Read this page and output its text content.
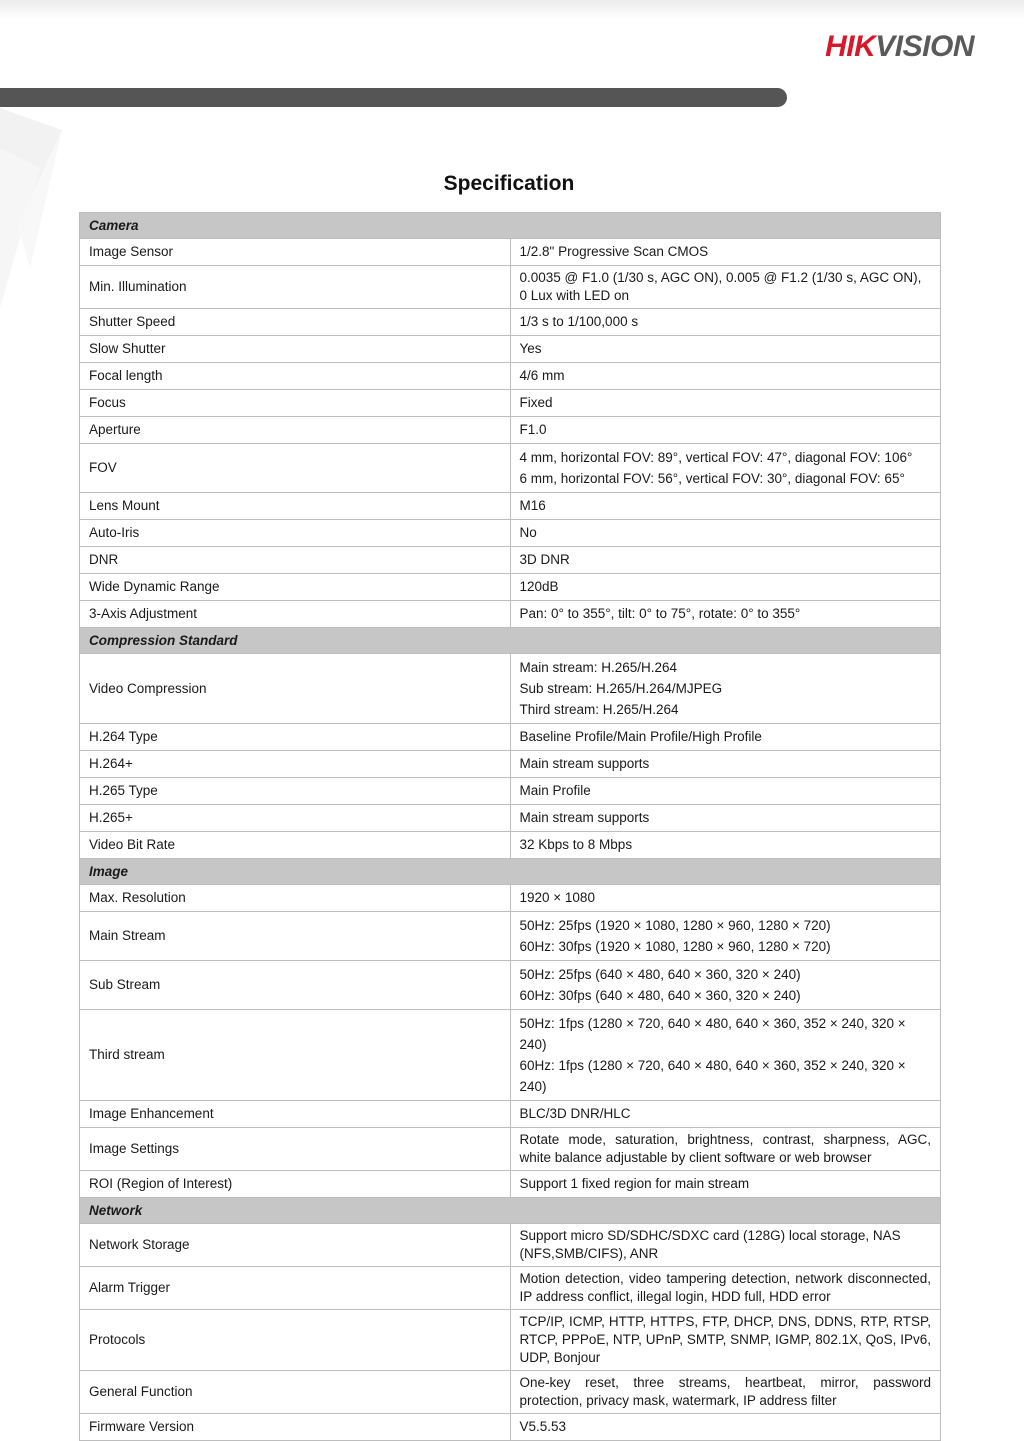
HIKVISION
Specification
Camera	
Image Sensor	1/2.8" Progressive Scan CMOS
Min. Illumination	0.0035 @ F1.0 (1/30 s, AGC ON), 0.005 @ F1.2 (1/30 s, AGC ON), 0 Lux with LED on
Shutter Speed	1/3 s to 1/100,000 s
Slow Shutter	Yes
Focal length	4/6 mm
Focus	Fixed
Aperture	F1.0
FOV	4 mm, horizontal FOV: 89°, vertical FOV: 47°, diagonal FOV: 106°
6 mm, horizontal FOV: 56°, vertical FOV: 30°, diagonal FOV: 65°

Lens Mount	M16
Auto-Iris	No
DNR	3D DNR
Wide Dynamic Range	120dB
3-Axis Adjustment	Pan: 0° to 355°, tilt: 0° to 75°, rotate: 0° to 355°
Compression Standard	
Video Compression	Main stream: H.265/H.264
Sub stream: H.265/H.264/MJPEG
Third stream: H.265/H.264

H.264 Type	Baseline Profile/Main Profile/High Profile
H.264+	Main stream supports
H.265 Type	Main Profile
H.265+	Main stream supports
Video Bit Rate	32 Kbps to 8 Mbps
Image	
Max. Resolution	1920 × 1080
Main Stream	50Hz: 25fps (1920 × 1080, 1280 × 960, 1280 × 720)
60Hz: 30fps (1920 × 1080, 1280 × 960, 1280 × 720)

Sub Stream	50Hz: 25fps (640 × 480, 640 × 360, 320 × 240)
60Hz: 30fps (640 × 480, 640 × 360, 320 × 240)

Third stream	50Hz: 1fps (1280 × 720, 640 × 480, 640 × 360, 352 × 240, 320 × 240)
60Hz: 1fps (1280 × 720, 640 × 480, 640 × 360, 352 × 240, 320 × 240)

Image Enhancement	BLC/3D DNR/HLC
Image Settings	Rotate mode, saturation, brightness, contrast, sharpness, AGC, white balance adjustable by client software or web browser
ROI (Region of Interest)	Support 1 fixed region for main stream
Network	
Network Storage	Support micro SD/SDHC/SDXC card (128G) local storage, NAS (NFS,SMB/CIFS), ANR
Alarm Trigger	Motion detection, video tampering detection, network disconnected, IP address conflict, illegal login, HDD full, HDD error
Protocols	TCP/IP, ICMP, HTTP, HTTPS, FTP, DHCP, DNS, DDNS, RTP, RTSP, RTCP, PPPoE, NTP, UPnP, SMTP, SNMP, IGMP, 802.1X, QoS, IPv6, UDP, Bonjour
General Function	One-key reset, three streams, heartbeat, mirror, password protection, privacy mask, watermark, IP address filter
Firmware Version	V5.5.53
